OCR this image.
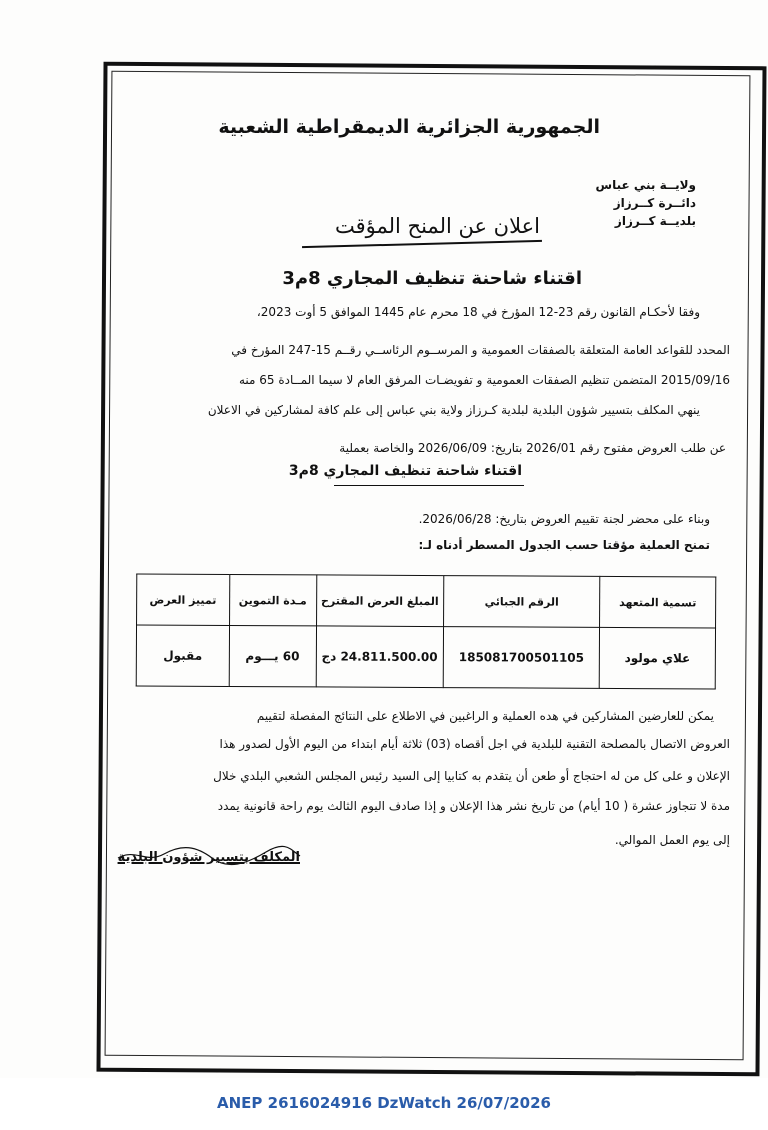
الجمهورية الجزائرية الديمقراطية الشعبية
ولايــة بني عباس
دائــرة كــرزاز
بلديــة كــرزاز
اعلان عن المنح المؤقت
اقتناء شاحنة تنظيف المجاري 8م3
وفقا لأحكـام القانون رقم 23-12 المؤرخ في 18 محرم عام 1445 الموافق 5 أوت 2023،
المحدد للقواعد العامة المتعلقة بالصفقات العمومية و المرســوم الرئاســي رقــم 15-247 المؤرخ في
2015/09/16 المتضمن تنظيم الصفقات العمومية و تفويضـات المرفق العام لا سيما المــادة 65 منه
ينهي المكلف بتسيير شؤون البلدية لبلدية كـرزاز ولاية بني عباس إلى علم كافة لمشاركين في الاعلان
عن طلب العروض مفتوح رقم 2026/01 بتاريخ: 2026/06/09 والخاصة بعملية
اقتناء شاحنة تنظيف المجاري 8م3
وبناء على محضر لجنة تقييم العروض بتاريخ: 2026/06/28.
تمنح العملية مؤقتا حسب الجدول المسطر أدناه لـ:
تسمية المتعهد	الرقم الجبائي	المبلغ العرض المقترح	مـدة التموين	تمييز العرض
علاي مولود	185081700501105	24.811.500.00 دج	60 يـــوم	مقبول
يمكن للعارضين المشاركين في هده العملية و الراغبين في الاطلاع على النتائج المفصلة لتقييم
العروض الاتصال بالمصلحة التقنية للبلدية في اجل أقصاه (03) ثلاثة أيام ابتداء من اليوم الأول لصدور هذا
الإعلان و على كل من له احتجاج أو طعن أن يتقدم به كتابيا إلى السيد رئيس المجلس الشعبي البلدي خلال
مدة لا تتجاوز عشرة ( 10 أيام) من تاريخ نشر هذا الإعلان و إذا صادف اليوم الثالث يوم راحة قانونية يمدد
إلى يوم العمل الموالي.
المكلف بتسيير شؤون البلدية
ANEP 2616024916 DzWatch 26/07/2026
